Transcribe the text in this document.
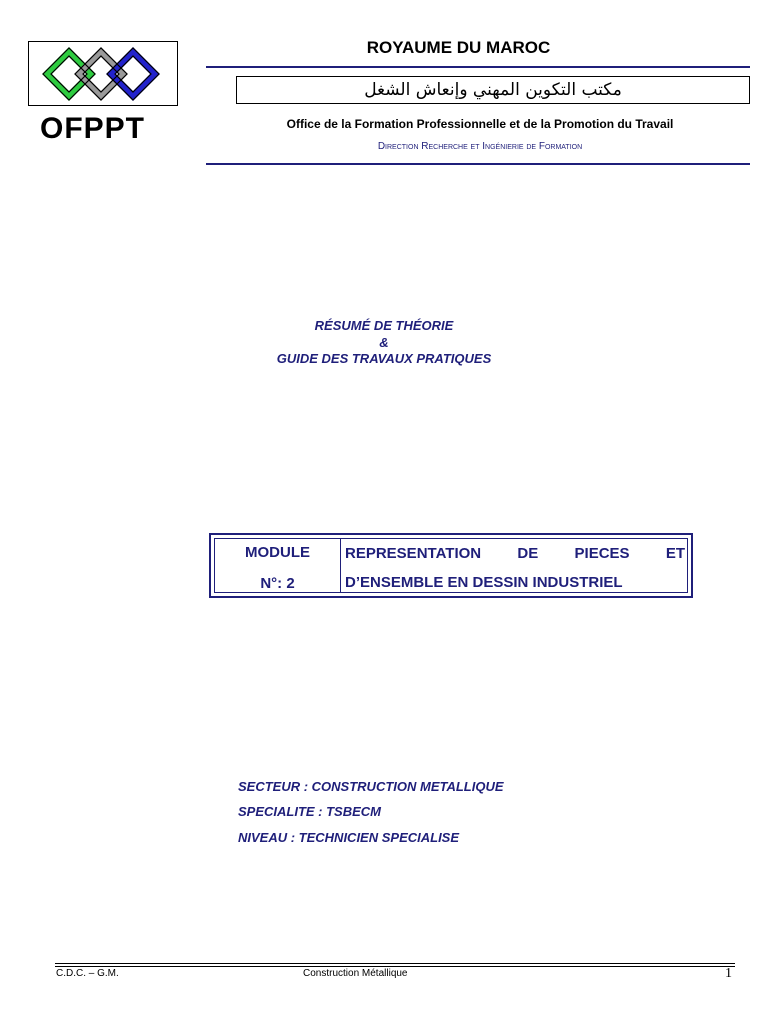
OFPPT
ROYAUME DU MAROC
مكتب التكوين المهني وإنعاش الشغل
Office de la Formation Professionnelle et de la Promotion du Travail
Direction Recherche et Ingénierie de Formation
RÉSUMÉ DE THÉORIE
&
GUIDE DES TRAVAUX PRATIQUES
MODULE
N°: 2
REPRESENTATION DE PIECES ET
D’ENSEMBLE EN DESSIN INDUSTRIEL
SECTEUR : CONSTRUCTION METALLIQUE
SPECIALITE : TSBECM
NIVEAU : TECHNICIEN SPECIALISE
C.D.C. – G.M.	Construction Métallique	1
